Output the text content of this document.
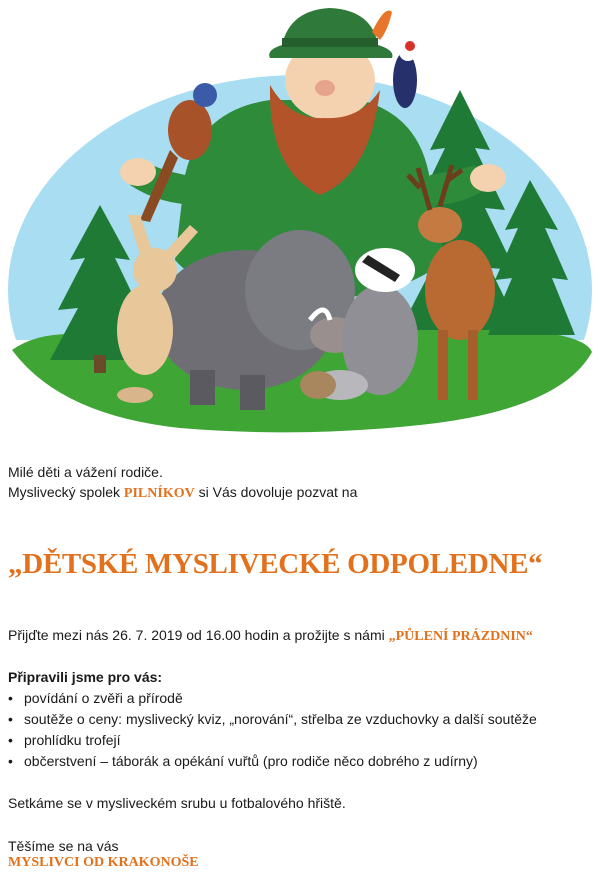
Milé děti a vážení rodiče.
Myslivecký spolek PILNÍKOV si Vás dovoluje pozvat na
„DĚTSKÉ MYSLIVECKÉ ODPOLEDNE“
Přijďte mezi nás 26. 7. 2019 od 16.00 hodin a prožijte s námi „PŮLENÍ PRÁZDNIN“
Připravili jsme pro vás:
• povídání o zvěři a přírodě
• soutěže o ceny: myslivecký kviz, „norování“, střelba ze vzduchovky a další soutěže
• prohlídku trofejí
• občerstvení – táborák a opékání vuřtů (pro rodiče něco dobrého z udírny)
Setkáme se v mysliveckém srubu u fotbalového hřiště.
Těšíme se na vás
MYSLIVCI OD KRAKONOŠE
